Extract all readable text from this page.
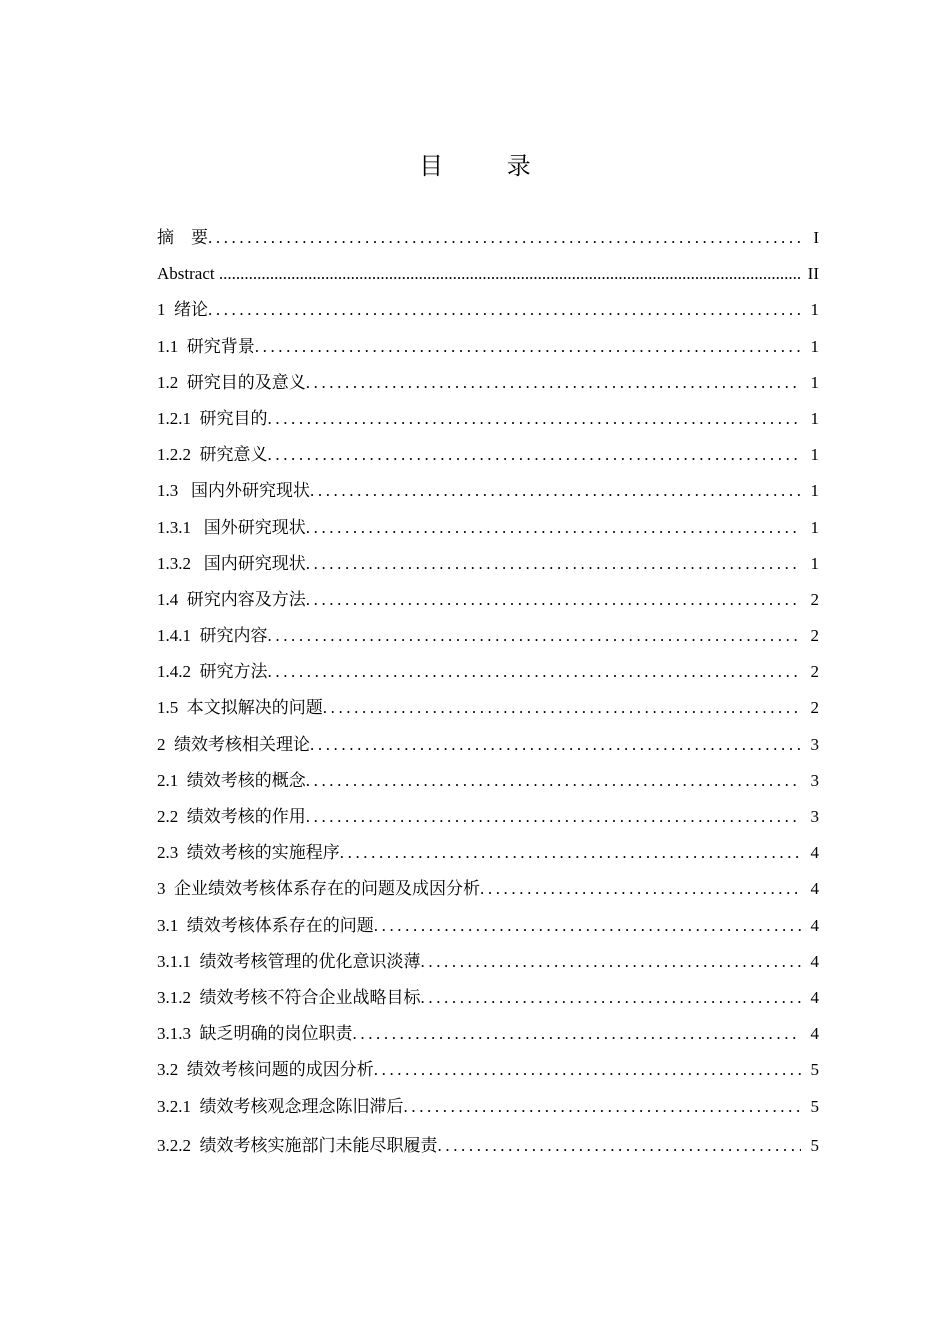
目 录
摘　要 .....	I
Abstract .....	II
1  绪论 .....	1
1.1  研究背景 .....	1
1.2  研究目的及意义 .....	1
1.2.1  研究目的 .....	1
1.2.2  研究意义 .....	1
1.3   国内外研究现状 .....	1
1.3.1   国外研究现状 .....	1
1.3.2   国内研究现状 .....	1
1.4  研究内容及方法 .....	2
1.4.1  研究内容 .....	2
1.4.2  研究方法 .....	2
1.5  本文拟解决的问题 .....	2
2  绩效考核相关理论 .....	3
2.1  绩效考核的概念 .....	3
2.2  绩效考核的作用 .....	3
2.3  绩效考核的实施程序 .....	4
3  企业绩效考核体系存在的问题及成因分析 .....	4
3.1  绩效考核体系存在的问题 .....	4
3.1.1  绩效考核管理的优化意识淡薄 .....	4
3.1.2  绩效考核不符合企业战略目标 .....	4
3.1.3  缺乏明确的岗位职责 .....	4
3.2  绩效考核问题的成因分析 .....	5
3.2.1  绩效考核观念理念陈旧滞后 .....	5
3.2.2  绩效考核实施部门未能尽职履责 .....	5
